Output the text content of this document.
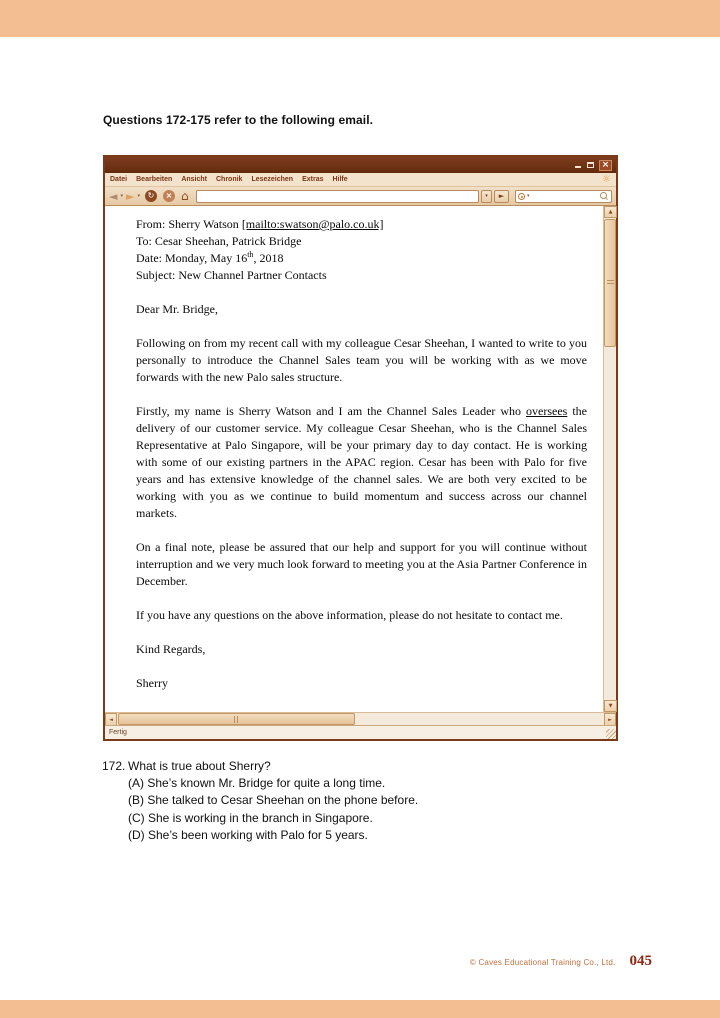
Questions 172-175 refer to the following email.
×
Datei Bearbeiten Ansicht Chronik Lesezeichen Extras Hilfe	☼
◄ ▾ ► ▾ ↻	× ⌂	▾	►	▾
From: Sherry Watson [mailto:swatson@palo.co.uk]
To: Cesar Sheehan, Patrick Bridge
Date: Monday, May 16th, 2018
Subject: New Channel Partner Contacts

Dear Mr. Bridge,

Following on from my recent call with my colleague Cesar Sheehan, I wanted to write to you personally to introduce the Channel Sales team you will be working with as we move forwards with the new Palo sales structure.

Firstly, my name is Sherry Watson and I am the Channel Sales Leader who oversees the delivery of our customer service. My colleague Cesar Sheehan, who is the Channel Sales Representative at Palo Singapore, will be your primary day to day contact. He is working with some of our existing partners in the APAC region. Cesar has been with Palo for five years and has extensive knowledge of the channel sales. We are both very excited to be working with you as we continue to build momentum and success across our channel markets.

On a final note, please be assured that our help and support for you will continue without interruption and we very much look forward to meeting you at the Asia Partner Conference in December.

If you have any questions on the above information, please do not hesitate to contact me.

Kind Regards,

Sherry

▲
▼
◄	►
Fertig
172. What is true about Sherry?
(A) She’s known Mr. Bridge for quite a long time.
(B) She talked to Cesar Sheehan on the phone before.
(C) She is working in the branch in Singapore.
(D) She’s been working with Palo for 5 years.
© Caves Educational Training Co., Ltd. 045
